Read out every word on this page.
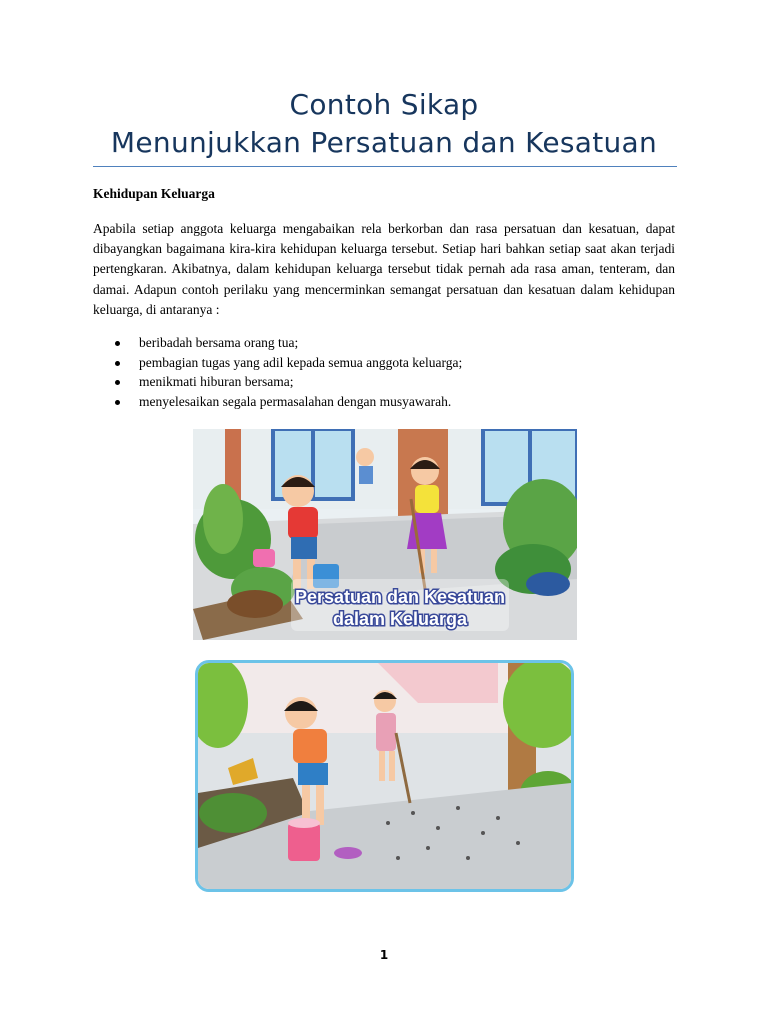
Contoh Sikap
Menunjukkan Persatuan dan Kesatuan
Kehidupan Keluarga

Apabila setiap anggota keluarga mengabaikan rela berkorban dan rasa persatuan dan kesatuan, dapat dibayangkan bagaimana kira-kira kehidupan keluarga tersebut. Setiap hari bahkan setiap saat akan terjadi pertengkaran. Akibatnya, dalam kehidupan keluarga tersebut tidak pernah ada rasa aman, tenteram, dan damai. Adapun contoh perilaku yang mencerminkan semangat persatuan dan kesatuan dalam kehidupan keluarga, di antaranya :

beribadah bersama orang tua;
pembagian tugas yang adil kepada semua anggota keluarga;
menikmati hiburan bersama;
menyelesaikan segala permasalahan dengan musyawarah.
Persatuan dan Kesatuan
dalam Keluarga
1
